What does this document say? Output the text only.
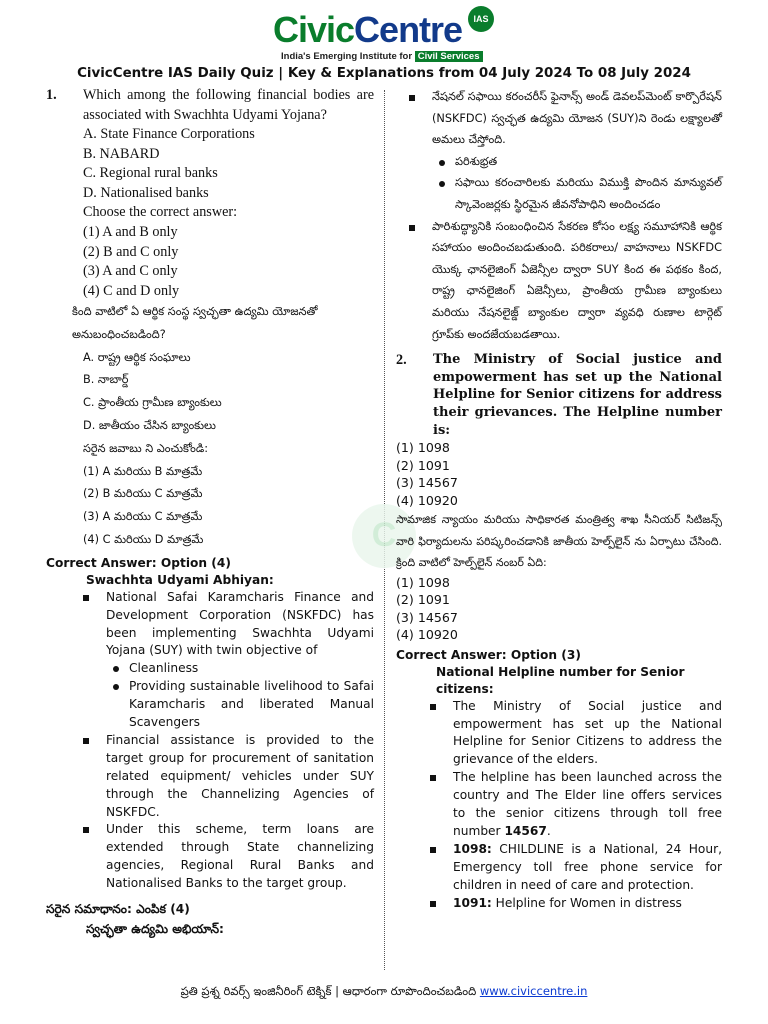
CivicCentre	IAS
India's Emerging Institute for Civil Services
CivicCentre IAS Daily Quiz | Key & Explanations from 04 July 2024 To 08 July 2024
C
1.	Which among the following financial bodies are associated with Swachhta Udyami Yojana?
A. State Finance Corporations
B. NABARD
C. Regional rural banks
D. Nationalised banks
Choose the correct answer:
(1) A and B only
(2) B and C only
(3) A and C only
(4) C and D only
కింది వాటిలో ఏ ఆర్థిక సంస్థ స్వచ్ఛతా ఉద్యమి యోజనతో అనుబంధించబడింది?
A. రాష్ట్ర ఆర్థిక సంఘాలు
B. నాబార్డ్
C. ప్రాంతీయ గ్రామీణ బ్యాంకులు
D. జాతీయం చేసిన బ్యాంకులు
సరైన జవాబు ని ఎంచుకోండి:
(1) A మరియు B మాత్రమే
(2) B మరియు C మాత్రమే
(3) A మరియు C మాత్రమే
(4) C మరియు D మాత్రమే
Correct Answer: Option (4)
Swachhta Udyami Abhiyan:
National Safai Karamcharis Finance and Development Corporation (NSKFDC) has been implementing Swachhta Udyami Yojana (SUY) with twin objective of
Cleanliness
Providing sustainable livelihood to Safai Karamcharis and liberated Manual Scavengers
Financial assistance is provided to the target group for procurement of sanitation related equipment/ vehicles under SUY through the Channelizing Agencies of NSKFDC.
Under this scheme, term loans are extended through State channelizing agencies, Regional Rural Banks and Nationalised Banks to the target group.
సరైన సమాధానం: ఎంపిక (4)
స్వచ్ఛతా ఉద్యమి అభియాన్:
నేషనల్ సఫాయి కరంచరీస్ ఫైనాన్స్ అండ్ డెవలప్‌మెంట్ కార్పొరేషన్ (NSKFDC) స్వచ్ఛత ఉద్యమి యోజన (SUY)ని రెండు లక్ష్యాలతో అమలు చేస్తోంది.
పరిశుభ్రత
సఫాయి కరంచారిలకు మరియు విముక్తి పొందిన మాన్యువల్ స్కావెంజర్లకు స్థిరమైన జీవనోపాధిని అందించడం
పారిశుద్ధ్యానికి సంబంధించిన సేకరణ కోసం లక్ష్య సమూహానికి ఆర్థిక సహాయం అందించబడుతుంది. పరికరాలు/ వాహనాలు NSKFDC యొక్క ఛానలైజింగ్ ఏజెన్సీల ద్వారా SUY కింద ఈ పథకం కింద, రాష్ట్ర ఛానలైజింగ్ ఏజెన్సీలు, ప్రాంతీయ గ్రామీణ బ్యాంకులు మరియు నేషనలైజ్డ్ బ్యాంకుల ద్వారా వ్యవధి రుణాల టార్గెట్ గ్రూప్‌కు అందజేయబడతాయి.
2.	The Ministry of Social justice and empowerment has set up the National Helpline for Senior citizens for address their grievances. The Helpline number is:
(1) 1098
(2) 1091
(3) 14567
(4) 10920
సామాజిక న్యాయం మరియు సాధికారత మంత్రిత్వ శాఖ సీనియర్ సిటిజన్స్ వారి ఫిర్యాదులను పరిష్కరించడానికి జాతీయ హెల్ప్‌లైన్ ను ఏర్పాటు చేసింది. క్రింది వాటిలో హెల్ప్‌లైన్ నంబర్ ఏది:
(1) 1098
(2) 1091
(3) 14567
(4) 10920
Correct Answer: Option (3)
National Helpline number for Senior citizens:
The Ministry of Social justice and empowerment has set up the National Helpline for Senior Citizens to address the grievance of the elders.
The helpline has been launched across the country and The Elder line offers services to the senior citizens through toll free number 14567.
1098: CHILDLINE is a National, 24 Hour, Emergency toll free phone service for children in need of care and protection.
1091: Helpline for Women in distress
ప్రతి ప్రశ్న రివర్స్ ఇంజినీరింగ్ టెక్నిక్ | ఆధారంగా రూపొందించబడింది www.civiccentre.in
